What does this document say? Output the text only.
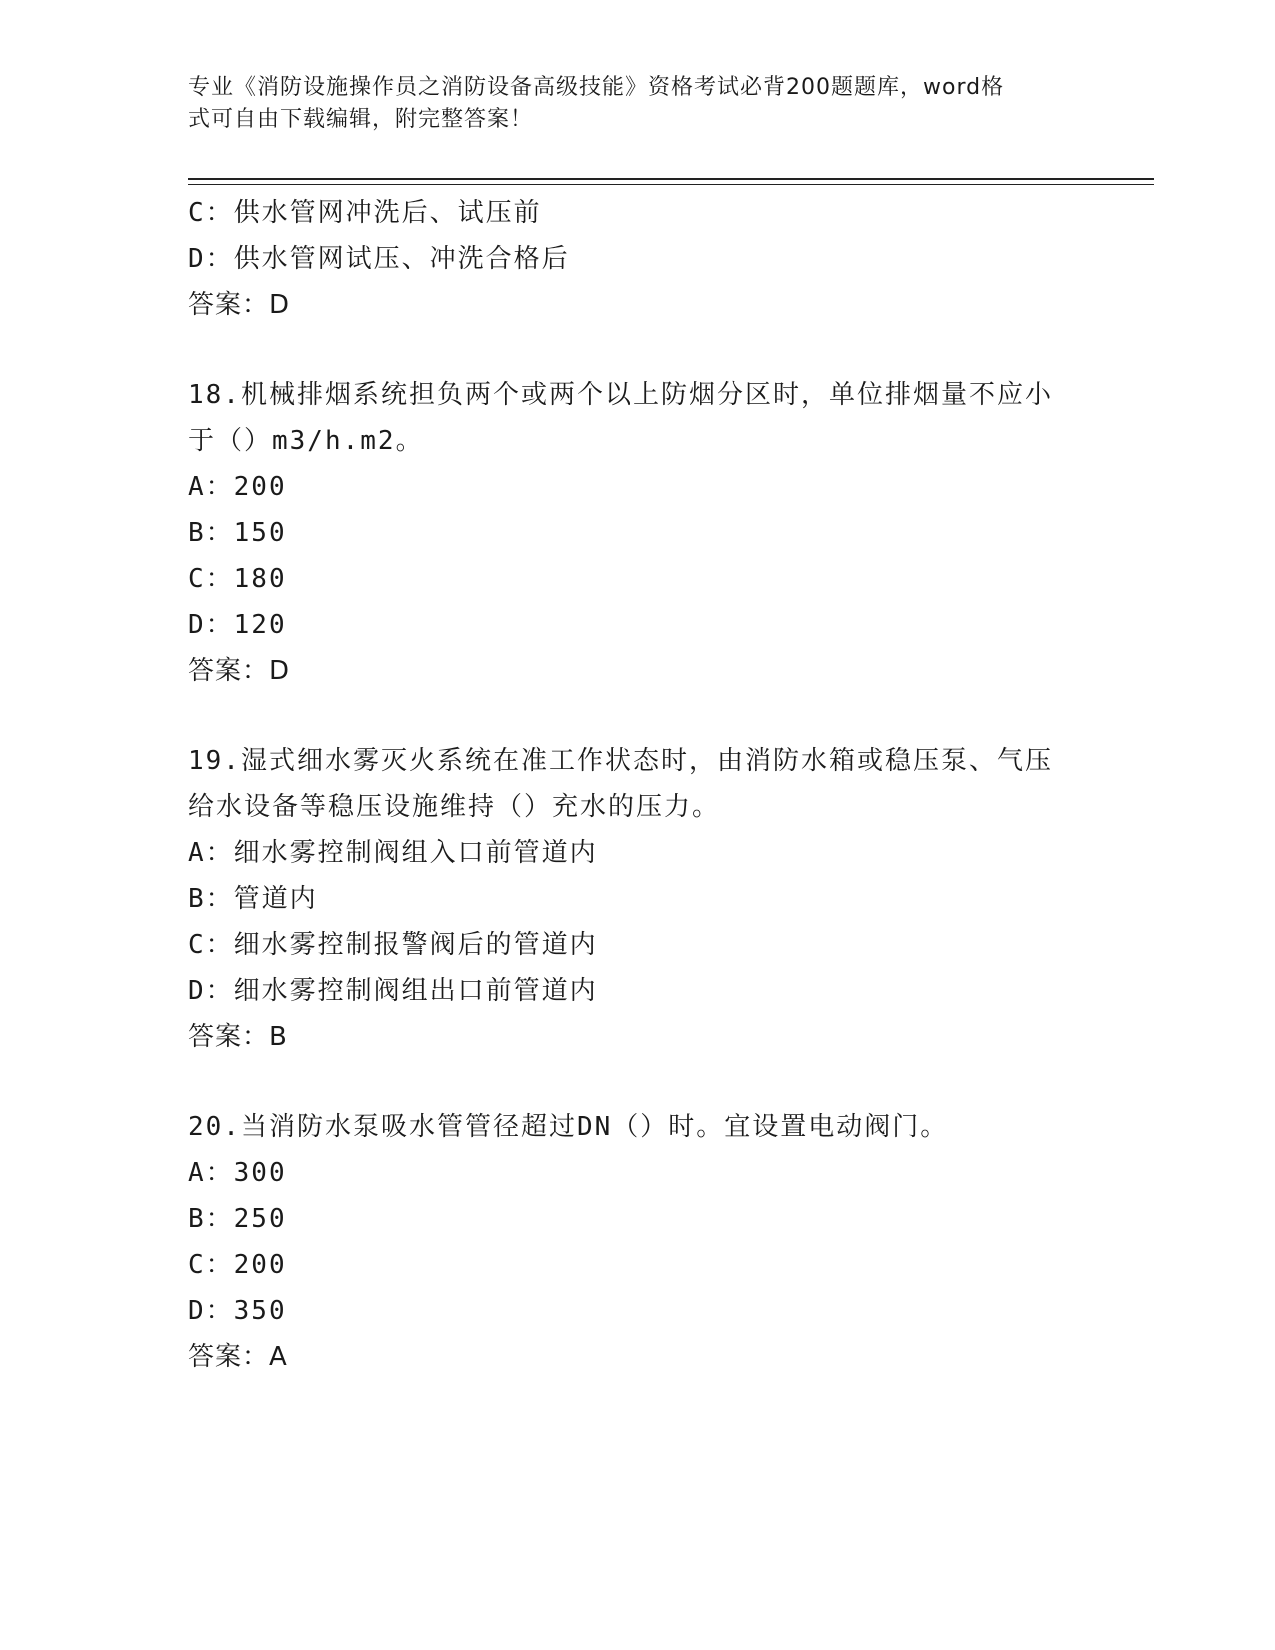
专业《消防设施操作员之消防设备高级技能》资格考试必背200题题库，word格
式可自由下载编辑，附完整答案！
C：供水管网冲洗后、试压前
D：供水管网试压、冲洗合格后
答案：D
18.机械排烟系统担负两个或两个以上防烟分区时，单位排烟量不应小
于（）m3/h.m2。
A：200
B：150
C：180
D：120
答案：D
19.湿式细水雾灭火系统在准工作状态时，由消防水箱或稳压泵、气压
给水设备等稳压设施维持（）充水的压力。
A：细水雾控制阀组入口前管道内
B：管道内
C：细水雾控制报警阀后的管道内
D：细水雾控制阀组出口前管道内
答案：B
20.当消防水泵吸水管管径超过DN（）时。宜设置电动阀门。
A：300
B：250
C：200
D：350
答案：A
